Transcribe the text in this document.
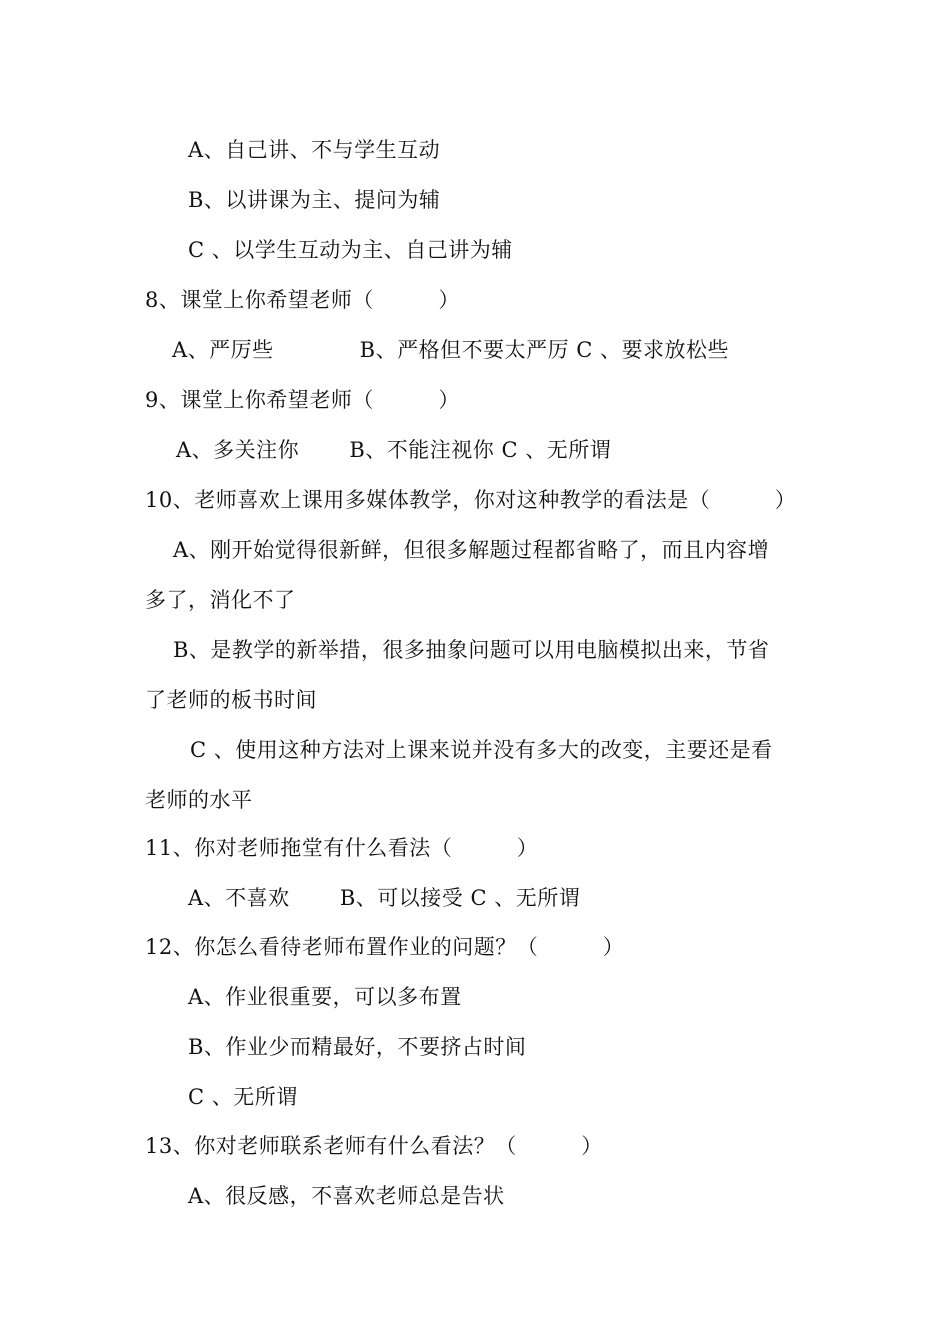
A、自己讲、不与学生互动
B、以讲课为主、提问为辅
C 、以学生互动为主、自己讲为辅
8、课堂上你希望老师（　　　）
A、严厉些　　　　B、严格但不要太严厉 C 、要求放松些
9、课堂上你希望老师（　　　）
A、多关注你　　 B、不能注视你 C 、无所谓
10、老师喜欢上课用多媒体教学，你对这种教学的看法是（　　　）
A、刚开始觉得很新鲜，但很多解题过程都省略了，而且内容增
多了，消化不了
B、是教学的新举措，很多抽象问题可以用电脑模拟出来，节省
了老师的板书时间
C 、使用这种方法对上课来说并没有多大的改变，主要还是看
老师的水平
11、你对老师拖堂有什么看法（　　　）
A、不喜欢　　 B、可以接受 C 、无所谓
12、你怎么看待老师布置作业的问题？（　　　）
A、作业很重要，可以多布置
B、作业少而精最好，不要挤占时间
C 、无所谓
13、你对老师联系老师有什么看法？（　　　）
A、很反感，不喜欢老师总是告状
